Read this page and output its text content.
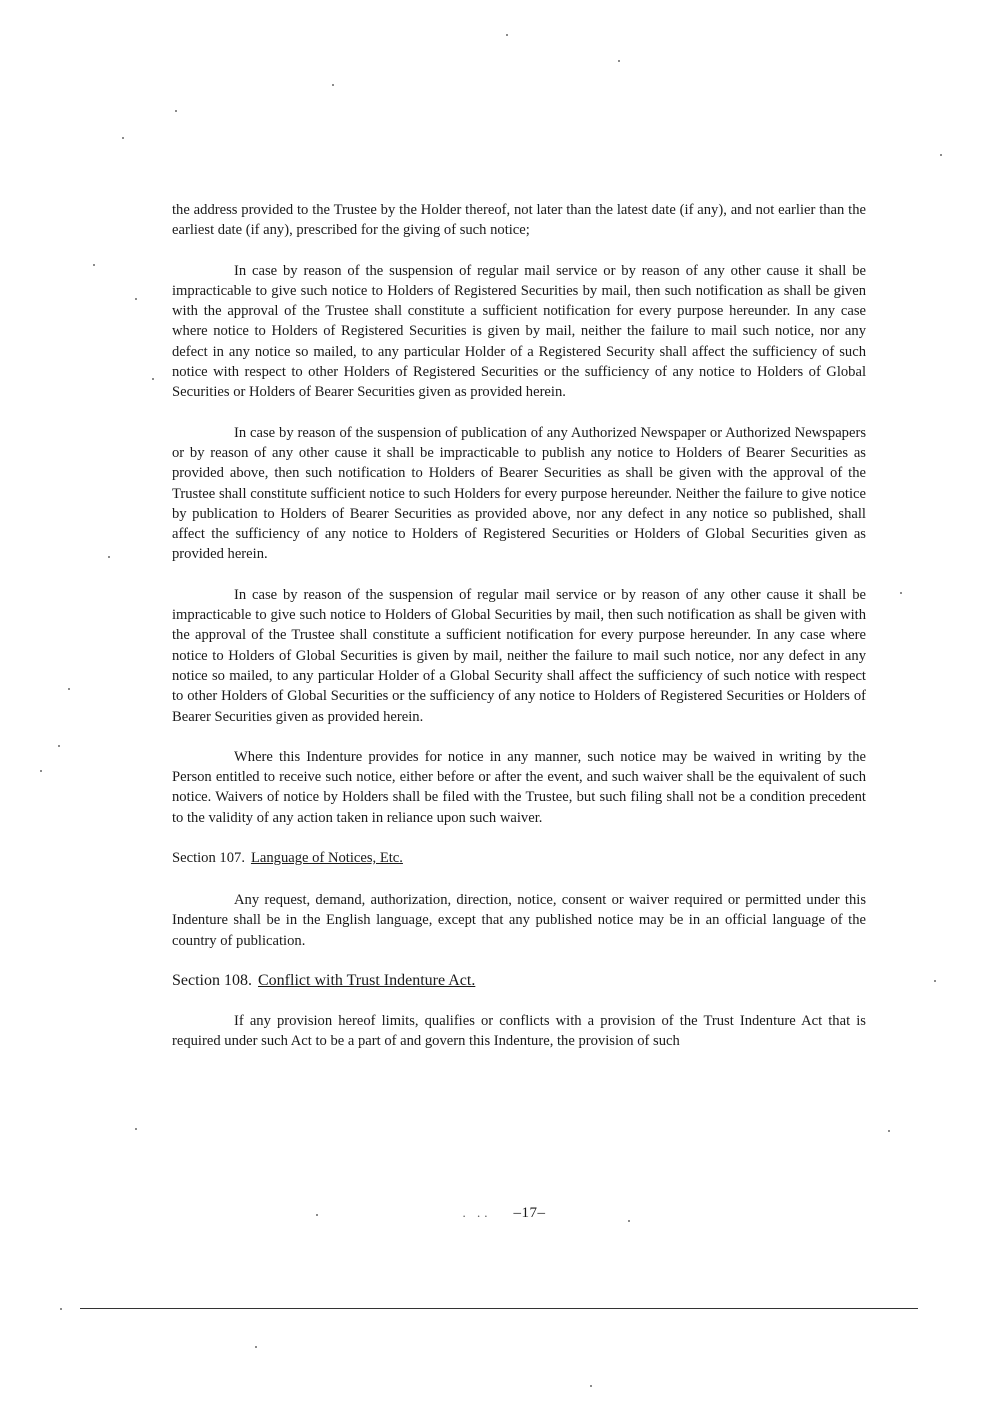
the address provided to the Trustee by the Holder thereof, not later than the latest date (if any), and not earlier than the earliest date (if any), prescribed for the giving of such notice;

In case by reason of the suspension of regular mail service or by reason of any other cause it shall be impracticable to give such notice to Holders of Registered Securities by mail, then such notification as shall be given with the approval of the Trustee shall constitute a sufficient notification for every purpose hereunder. In any case where notice to Holders of Registered Securities is given by mail, neither the failure to mail such notice, nor any defect in any notice so mailed, to any particular Holder of a Registered Security shall affect the sufficiency of such notice with respect to other Holders of Registered Securities or the sufficiency of any notice to Holders of Global Securities or Holders of Bearer Securities given as provided herein.

In case by reason of the suspension of publication of any Authorized Newspaper or Authorized Newspapers or by reason of any other cause it shall be impracticable to publish any notice to Holders of Bearer Securities as provided above, then such notification to Holders of Bearer Securities as shall be given with the approval of the Trustee shall constitute sufficient notice to such Holders for every purpose hereunder. Neither the failure to give notice by publication to Holders of Bearer Securities as provided above, nor any defect in any notice so published, shall affect the sufficiency of any notice to Holders of Registered Securities or Holders of Global Securities given as provided herein.

In case by reason of the suspension of regular mail service or by reason of any other cause it shall be impracticable to give such notice to Holders of Global Securities by mail, then such notification as shall be given with the approval of the Trustee shall constitute a sufficient notification for every purpose hereunder. In any case where notice to Holders of Global Securities is given by mail, neither the failure to mail such notice, nor any defect in any notice so mailed, to any particular Holder of a Global Security shall affect the sufficiency of such notice with respect to other Holders of Global Securities or the sufficiency of any notice to Holders of Registered Securities or Holders of Bearer Securities given as provided herein.

Where this Indenture provides for notice in any manner, such notice may be waived in writing by the Person entitled to receive such notice, either before or after the event, and such waiver shall be the equivalent of such notice. Waivers of notice by Holders shall be filed with the Trustee, but such filing shall not be a condition precedent to the validity of any action taken in reliance upon such waiver.

Section 107. Language of Notices, Etc.

Any request, demand, authorization, direction, notice, consent or waiver required or permitted under this Indenture shall be in the English language, except that any published notice may be in an official language of the country of publication.

Section 108. Conflict with Trust Indenture Act.

If any provision hereof limits, qualifies or conflicts with a provision of the Trust Indenture Act that is required under such Act to be a part of and govern this Indenture, the provision of such

. .. –17–
